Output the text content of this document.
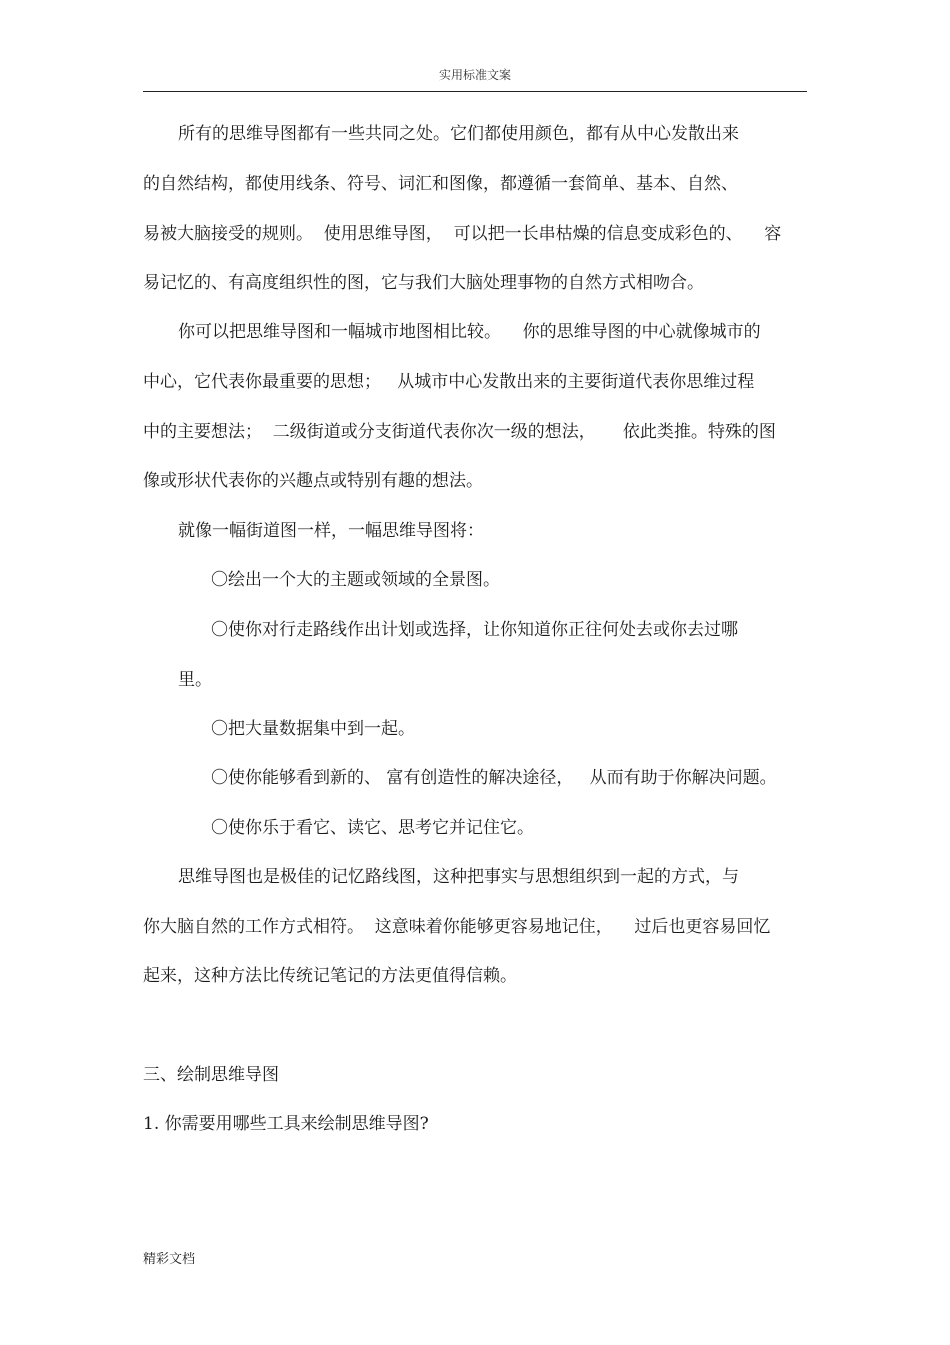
实用标准文案
所有的思维导图都有一些共同之处。它们都使用颜色，都有从中心发散出来
的自然结构，都使用线条、符号、词汇和图像，都遵循一套简单、基本、自然、
易被大脑接受的规则。  使用思维导图，  可以把一长串枯燥的信息变成彩色的、    容
易记忆的、有高度组织性的图，它与我们大脑处理事物的自然方式相吻合。
你可以把思维导图和一幅城市地图相比较。    你的思维导图的中心就像城市的
中心，它代表你最重要的思想；   从城市中心发散出来的主要街道代表你思维过程
中的主要想法；  二级街道或分支街道代表你次一级的想法，     依此类推。特殊的图
像或形状代表你的兴趣点或特别有趣的想法。
就像一幅街道图一样，一幅思维导图将：
〇绘出一个大的主题或领域的全景图。
〇使你对行走路线作出计划或选择，让你知道你正往何处去或你去过哪
里。
〇把大量数据集中到一起。
〇使你能够看到新的、 富有创造性的解决途径，   从而有助于你解决问题。
〇使你乐于看它、读它、思考它并记住它。
思维导图也是极佳的记忆路线图，这种把事实与思想组织到一起的方式，与
你大脑自然的工作方式相符。  这意味着你能够更容易地记住，    过后也更容易回忆
起来，这种方法比传统记笔记的方法更值得信赖。
三、绘制思维导图
1. 你需要用哪些工具来绘制思维导图?
精彩文档
